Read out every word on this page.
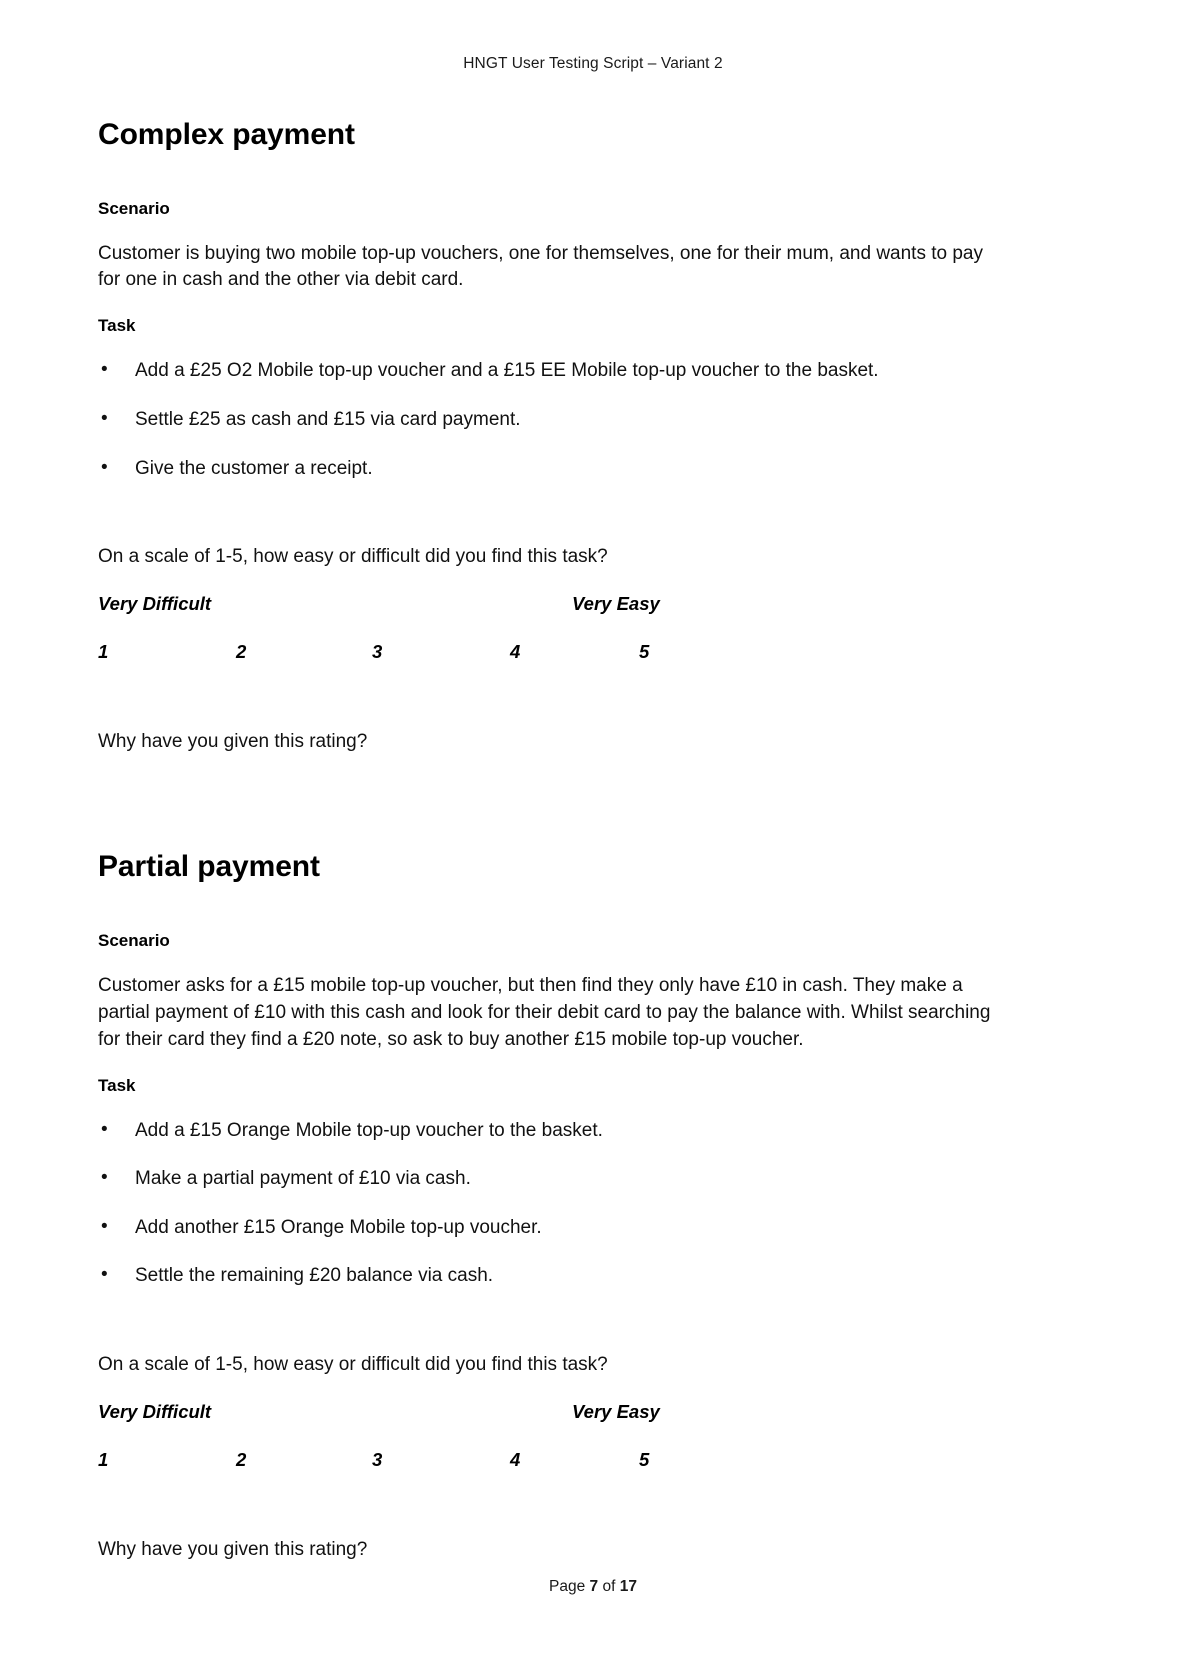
HNGT User Testing Script – Variant 2
Complex payment
Scenario

Customer is buying two mobile top-up vouchers, one for themselves, one for their mum, and wants to pay for one in cash and the other via debit card.

Task
• Add a £25 O2 Mobile top-up voucher and a £15 EE Mobile top-up voucher to the basket.
• Settle £25 as cash and £15 via card payment.
• Give the customer a receipt.

On a scale of 1-5, how easy or difficult did you find this task?

Very Difficult	Very Easy
1	2	3	4	5

Why have you given this rating?

Partial payment
Scenario

Customer asks for a £15 mobile top-up voucher, but then find they only have £10 in cash. They make a partial payment of £10 with this cash and look for their debit card to pay the balance with. Whilst searching for their card they find a £20 note, so ask to buy another £15 mobile top-up voucher.

Task
• Add a £15 Orange Mobile top-up voucher to the basket.
• Make a partial payment of £10 via cash.
• Add another £15 Orange Mobile top-up voucher.
• Settle the remaining £20 balance via cash.

On a scale of 1-5, how easy or difficult did you find this task?

Very Difficult	Very Easy
1	2	3	4	5

Why have you given this rating?

Page 7 of 17
